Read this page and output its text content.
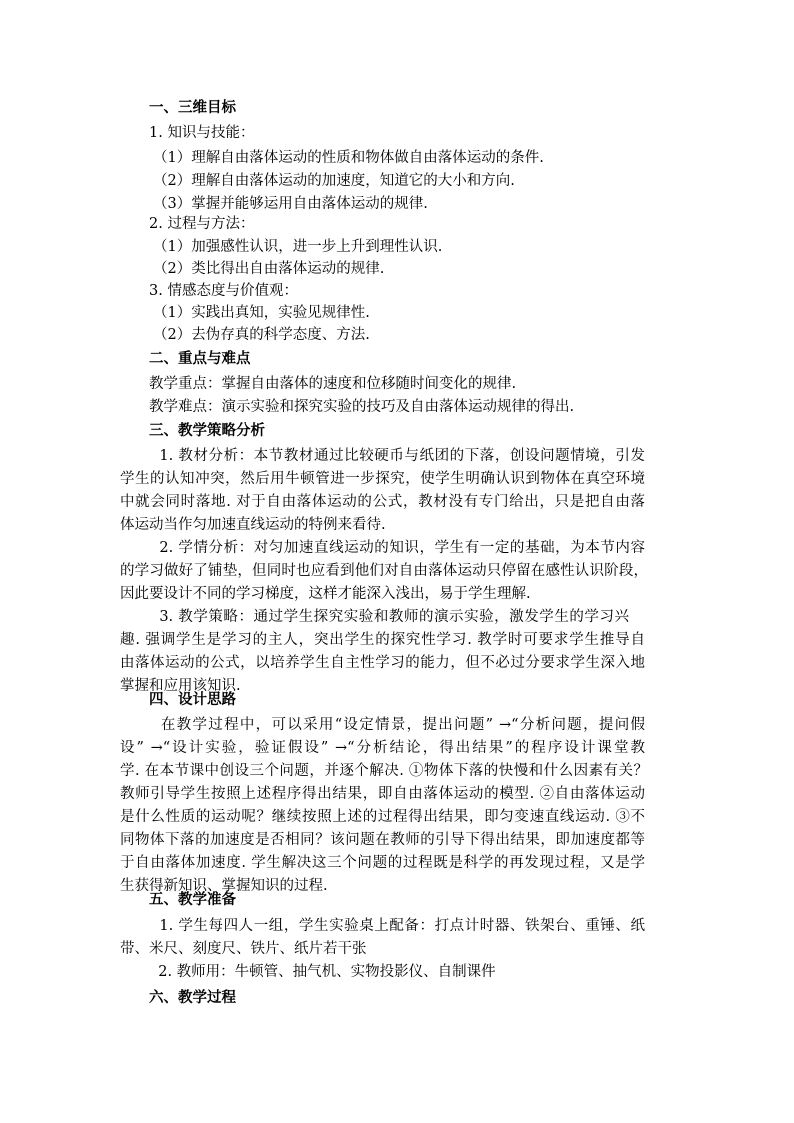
一、三维目标
1. 知识与技能：
（1）理解自由落体运动的性质和物体做自由落体运动的条件.
（2）理解自由落体运动的加速度，知道它的大小和方向.
（3）掌握并能够运用自由落体运动的规律.
2. 过程与方法：
（1）加强感性认识，进一步上升到理性认识.
（2）类比得出自由落体运动的规律.
3. 情感态度与价值观：
（1）实践出真知，实验见规律性.
（2）去伪存真的科学态度、方法.
二、重点与难点
教学重点：掌握自由落体的速度和位移随时间变化的规律.
教学难点：演示实验和探究实验的技巧及自由落体运动规律的得出.
三、教学策略分析
1. 教材分析：本节教材通过比较硬币与纸团的下落，创设问题情境，引发
学生的认知冲突，然后用牛顿管进一步探究，使学生明确认识到物体在真空环境
中就会同时落地. 对于自由落体运动的公式，教材没有专门给出，只是把自由落
体运动当作匀加速直线运动的特例来看待.
2. 学情分析：对匀加速直线运动的知识，学生有一定的基础，为本节内容
的学习做好了铺垫，但同时也应看到他们对自由落体运动只停留在感性认识阶段，
因此要设计不同的学习梯度，这样才能深入浅出，易于学生理解.
3. 教学策略：通过学生探究实验和教师的演示实验，激发学生的学习兴
趣. 强调学生是学习的主人，突出学生的探究性学习. 教学时可要求学生推导自
由落体运动的公式，以培养学生自主性学习的能力，但不必过分要求学生深入地
掌握和应用该知识.
四、设计思路
在教学过程中，可以采用“设定情景，提出问题” →“分析问题，提问假
设” →“设计实验，验证假设” →“分析结论，得出结果”的程序设计课堂教
学. 在本节课中创设三个问题，并逐个解决. ①物体下落的快慢和什么因素有关？
教师引导学生按照上述程序得出结果，即自由落体运动的模型. ②自由落体运动
是什么性质的运动呢？继续按照上述的过程得出结果，即匀变速直线运动. ③不
同物体下落的加速度是否相同？该问题在教师的引导下得出结果，即加速度都等
于自由落体加速度. 学生解决这三个问题的过程既是科学的再发现过程，又是学
生获得新知识、掌握知识的过程.
五、教学准备
1. 学生每四人一组，学生实验桌上配备：打点计时器、铁架台、重锤、纸
带、米尺、刻度尺、铁片、纸片若干张
2. 教师用：牛顿管、抽气机、实物投影仪、自制课件
六、教学过程
